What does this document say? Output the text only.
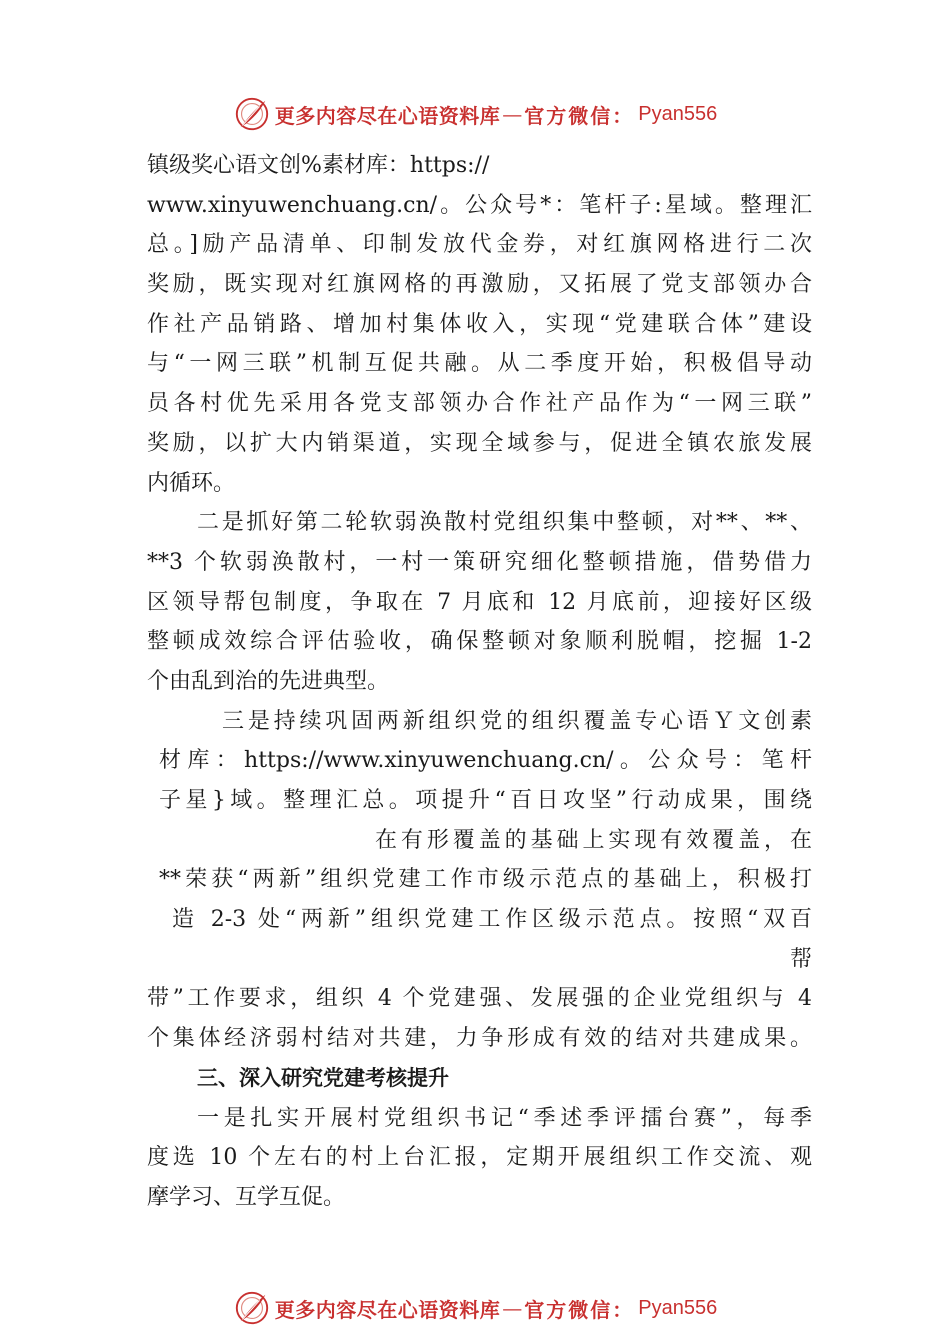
更多内容尽在心语资料库 — 官方微信： Pyan556
镇级奖心语文创%素材库：https://
www.xinyuwenchuang.cn/。公众号*：笔杆子:星域。整理汇
总。]励产品清单、印制发放代金券，对红旗网格进行二次
奖励，既实现对红旗网格的再激励，又拓展了党支部领办合
作社产品销路、增加村集体收入，实现“党建联合体”建设
与“一网三联”机制互促共融。从二季度开始，积极倡导动
员各村优先采用各党支部领办合作社产品作为“一网三联”
奖励，以扩大内销渠道，实现全域参与，促进全镇农旅发展
内循环。
二是抓好第二轮软弱涣散村党组织集中整顿，对**、**、
**3 个软弱涣散村，一村一策研究细化整顿措施，借势借力
区领导帮包制度，争取在 7 月底和 12 月底前，迎接好区级
整顿成效综合评估验收，确保整顿对象顺利脱帽，挖掘 1-2
个由乱到治的先进典型。
三是持续巩固两新组织党的组织覆盖专心语Ｙ文创素
材库：https://www.xinyuwenchuang.cn/。公众号：笔杆
子星}域。整理汇总。项提升“百日攻坚”行动成果，围绕
在有形覆盖的基础上实现有效覆盖，在
**荣获“两新”组织党建工作市级示范点的基础上，积极打
造 2-3 处“两新”组织党建工作区级示范点。按照“双百
帮
带”工作要求，组织 4 个党建强、发展强的企业党组织与 4
个集体经济弱村结对共建，力争形成有效的结对共建成果。
三、深入研究党建考核提升
一是扎实开展村党组织书记“季述季评擂台赛”，每季
度选 10 个左右的村上台汇报，定期开展组织工作交流、观
摩学习、互学互促。
更多内容尽在心语资料库 — 官方微信： Pyan556
